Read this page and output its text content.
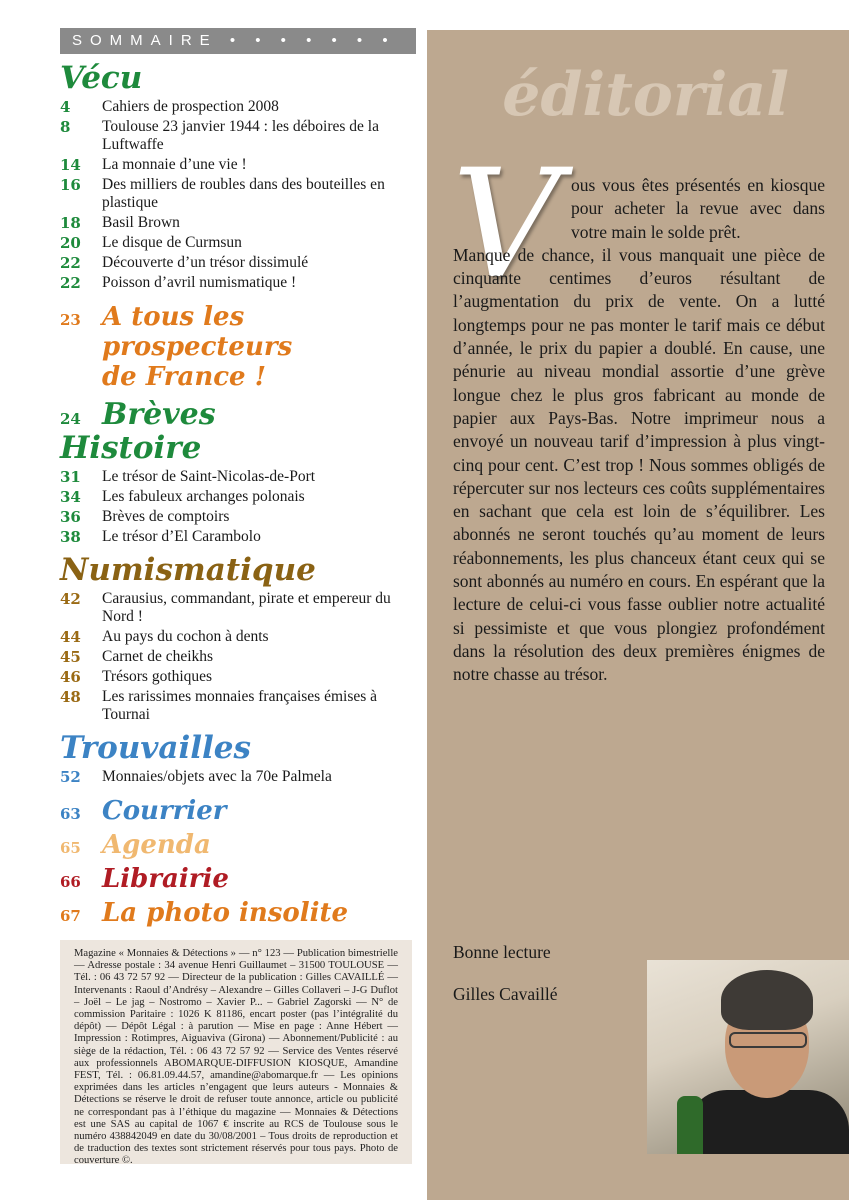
SOMMAIRE • • • • • • •
Vécu
4	Cahiers de prospection 2008
8	Toulouse 23 janvier 1944 : les déboires de la Luftwaffe
14	La monnaie d’une vie !
16	Des milliers de roubles dans des bouteilles en plastique
18	Basil Brown
20	Le disque de Curmsun
22	Découverte d’un trésor dissimulé
22	Poisson d’avril numismatique !
23 A tous les prospecteurs
de France !
24 Brèves
Histoire
31	Le trésor de Saint-Nicolas-de-Port
34	Les fabuleux archanges polonais
36	Brèves de comptoirs
38	Le trésor d’El Carambolo
Numismatique
42	Carausius, commandant, pirate et empereur du Nord !
44	Au pays du cochon à dents
45	Carnet de cheikhs
46	Trésors gothiques
48	Les rarissimes monnaies françaises émises à Tournai
Trouvailles
52	Monnaies/objets avec la 70e Palmela
63 Courrier
65 Agenda
66 Librairie
67 La photo insolite
Magazine « Monnaies & Détections » — n° 123 — Publication bimestrielle — Adresse postale : 34 avenue Henri Guillaumet – 31500 TOULOUSE — Tél. : 06 43 72 57 92 — Directeur de la publication : Gilles CAVAILLÉ — Intervenants : Raoul d’Andrésy – Alexandre – Gilles Collaveri – J-G Duflot – Joël – Le jag – Nostromo – Xavier P... – Gabriel Zagorski — N° de commission Paritaire : 1026 K 81186, encart poster (pas l’intégralité du dépôt) — Dépôt Légal : à parution — Mise en page : Anne Hébert — Impression : Rotimpres, Aiguaviva (Girona) — Abonnement/Publicité : au siège de la rédaction, Tél. : 06 43 72 57 92 — Service des Ventes réservé aux professionnels ABOMARQUE-DIFFUSION KIOSQUE, Amandine FEST, Tél. : 06.81.09.44.57, amandine@abomarque.fr — Les opinions exprimées dans les articles n’engagent que leurs auteurs - Monnaies & Détections se réserve le droit de refuser toute annonce, article ou publicité ne correspondant pas à l’éthique du magazine — Monnaies & Détections est une SAS au capital de 1067 € inscrite au RCS de Toulouse sous le numéro 438842049 en date du 30/08/2001 – Tous droits de reproduction et de traduction des textes sont strictement réservés pour tous pays. Photo de couverture ©.
éditorial
V ous vous êtes présentés en kiosque pour acheter la revue avec dans votre main le solde prêt.
Manque de chance, il vous manquait une pièce de cinquante centimes d’euros résultant de l’augmentation du prix de vente. On a lutté longtemps pour ne pas monter le tarif mais ce début d’année, le prix du papier a doublé. En cause, une pénurie au niveau mondial assortie d’une grève longue chez le plus gros fabricant au monde de papier aux Pays-Bas. Notre imprimeur nous a envoyé un nouveau tarif d’impression à plus vingt-cinq pour cent. C’est trop ! Nous sommes obligés de répercuter sur nos lecteurs ces coûts supplémentaires en sachant que cela est loin de s’équilibrer. Les abonnés ne seront touchés qu’au moment de leurs réabonnements, les plus chanceux étant ceux qui se sont abonnés au numéro en cours. En espérant que la lecture de celui-ci vous fasse oublier notre actualité si pessimiste et que vous plongiez profondément dans la résolution des deux premières énigmes de notre chasse au trésor.
Bonne lecture
Gilles Cavaillé
